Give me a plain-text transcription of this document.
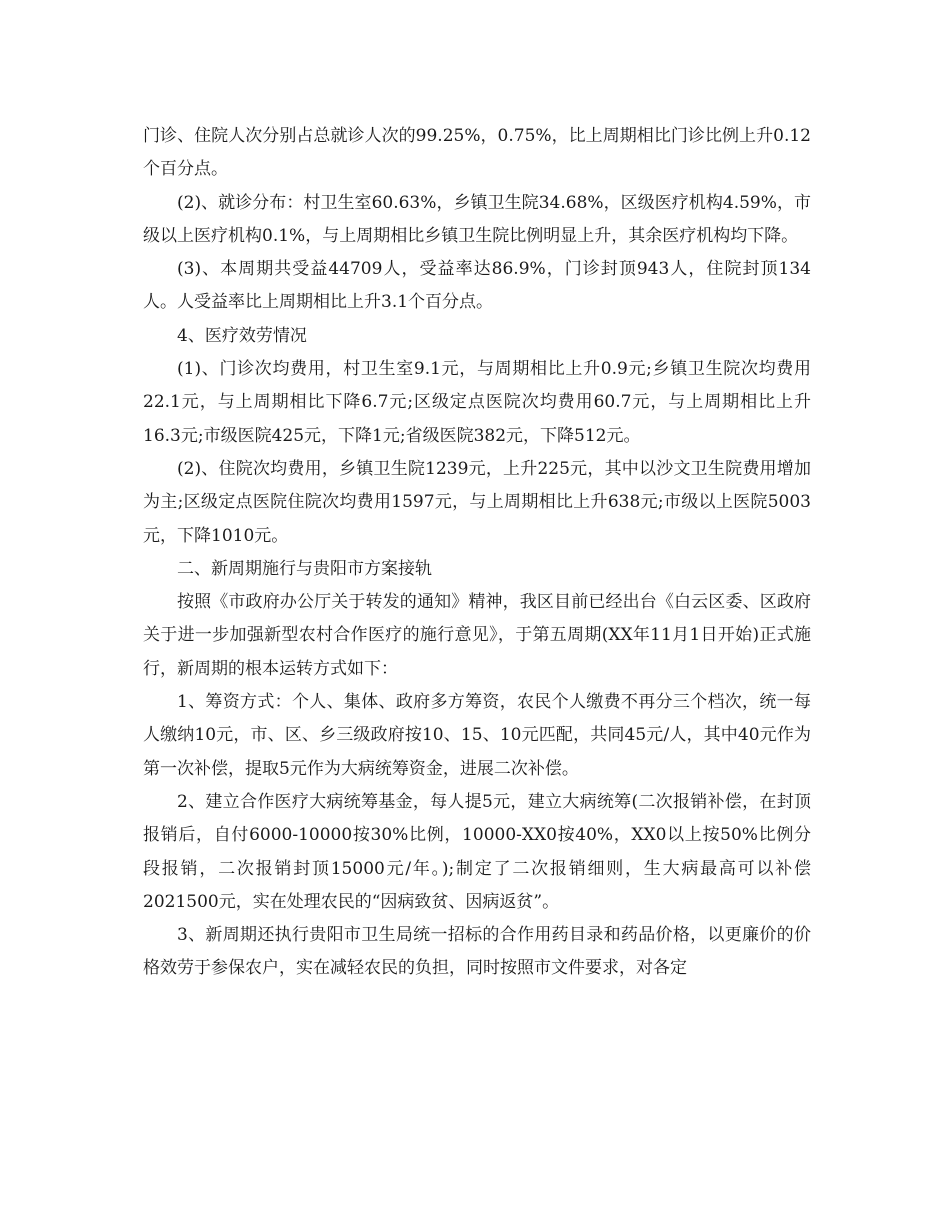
门诊、住院人次分别占总就诊人次的99.25%，0.75%，比上周期相比门诊比例上升0.12个百分点。

(2)、就诊分布：村卫生室60.63%，乡镇卫生院34.68%，区级医疗机构4.59%，市级以上医疗机构0.1%，与上周期相比乡镇卫生院比例明显上升，其余医疗机构均下降。

(3)、本周期共受益44709人，受益率达86.9%，门诊封顶943人，住院封顶134人。人受益率比上周期相比上升3.1个百分点。

4、医疗效劳情况

(1)、门诊次均费用，村卫生室9.1元，与周期相比上升0.9元;乡镇卫生院次均费用22.1元，与上周期相比下降6.7元;区级定点医院次均费用60.7元，与上周期相比上升16.3元;市级医院425元，下降1元;省级医院382元，下降512元。

(2)、住院次均费用，乡镇卫生院1239元，上升225元，其中以沙文卫生院费用增加为主;区级定点医院住院次均费用1597元，与上周期相比上升638元;市级以上医院5003元，下降1010元。

二、新周期施行与贵阳市方案接轨

按照《市政府办公厅关于转发的通知》精神，我区目前已经出台《白云区委、区政府关于进一步加强新型农村合作医疗的施行意见》，于第五周期(XX年11月1日开始)正式施行，新周期的根本运转方式如下：

1、筹资方式：个人、集体、政府多方筹资，农民个人缴费不再分三个档次，统一每人缴纳10元，市、区、乡三级政府按10、15、10元匹配，共同45元/人，其中40元作为第一次补偿，提取5元作为大病统筹资金，进展二次补偿。

2、建立合作医疗大病统筹基金，每人提5元，建立大病统筹(二次报销补偿，在封顶报销后，自付6000-10000按30%比例，10000-XX0按40%，XX0以上按50%比例分段报销，二次报销封顶15000元/年。);制定了二次报销细则，生大病最高可以补偿2021500元，实在处理农民的“因病致贫、因病返贫”。

3、新周期还执行贵阳市卫生局统一招标的合作用药目录和药品价格，以更廉价的价格效劳于参保农户，实在减轻农民的负担，同时按照市文件要求，对各定
